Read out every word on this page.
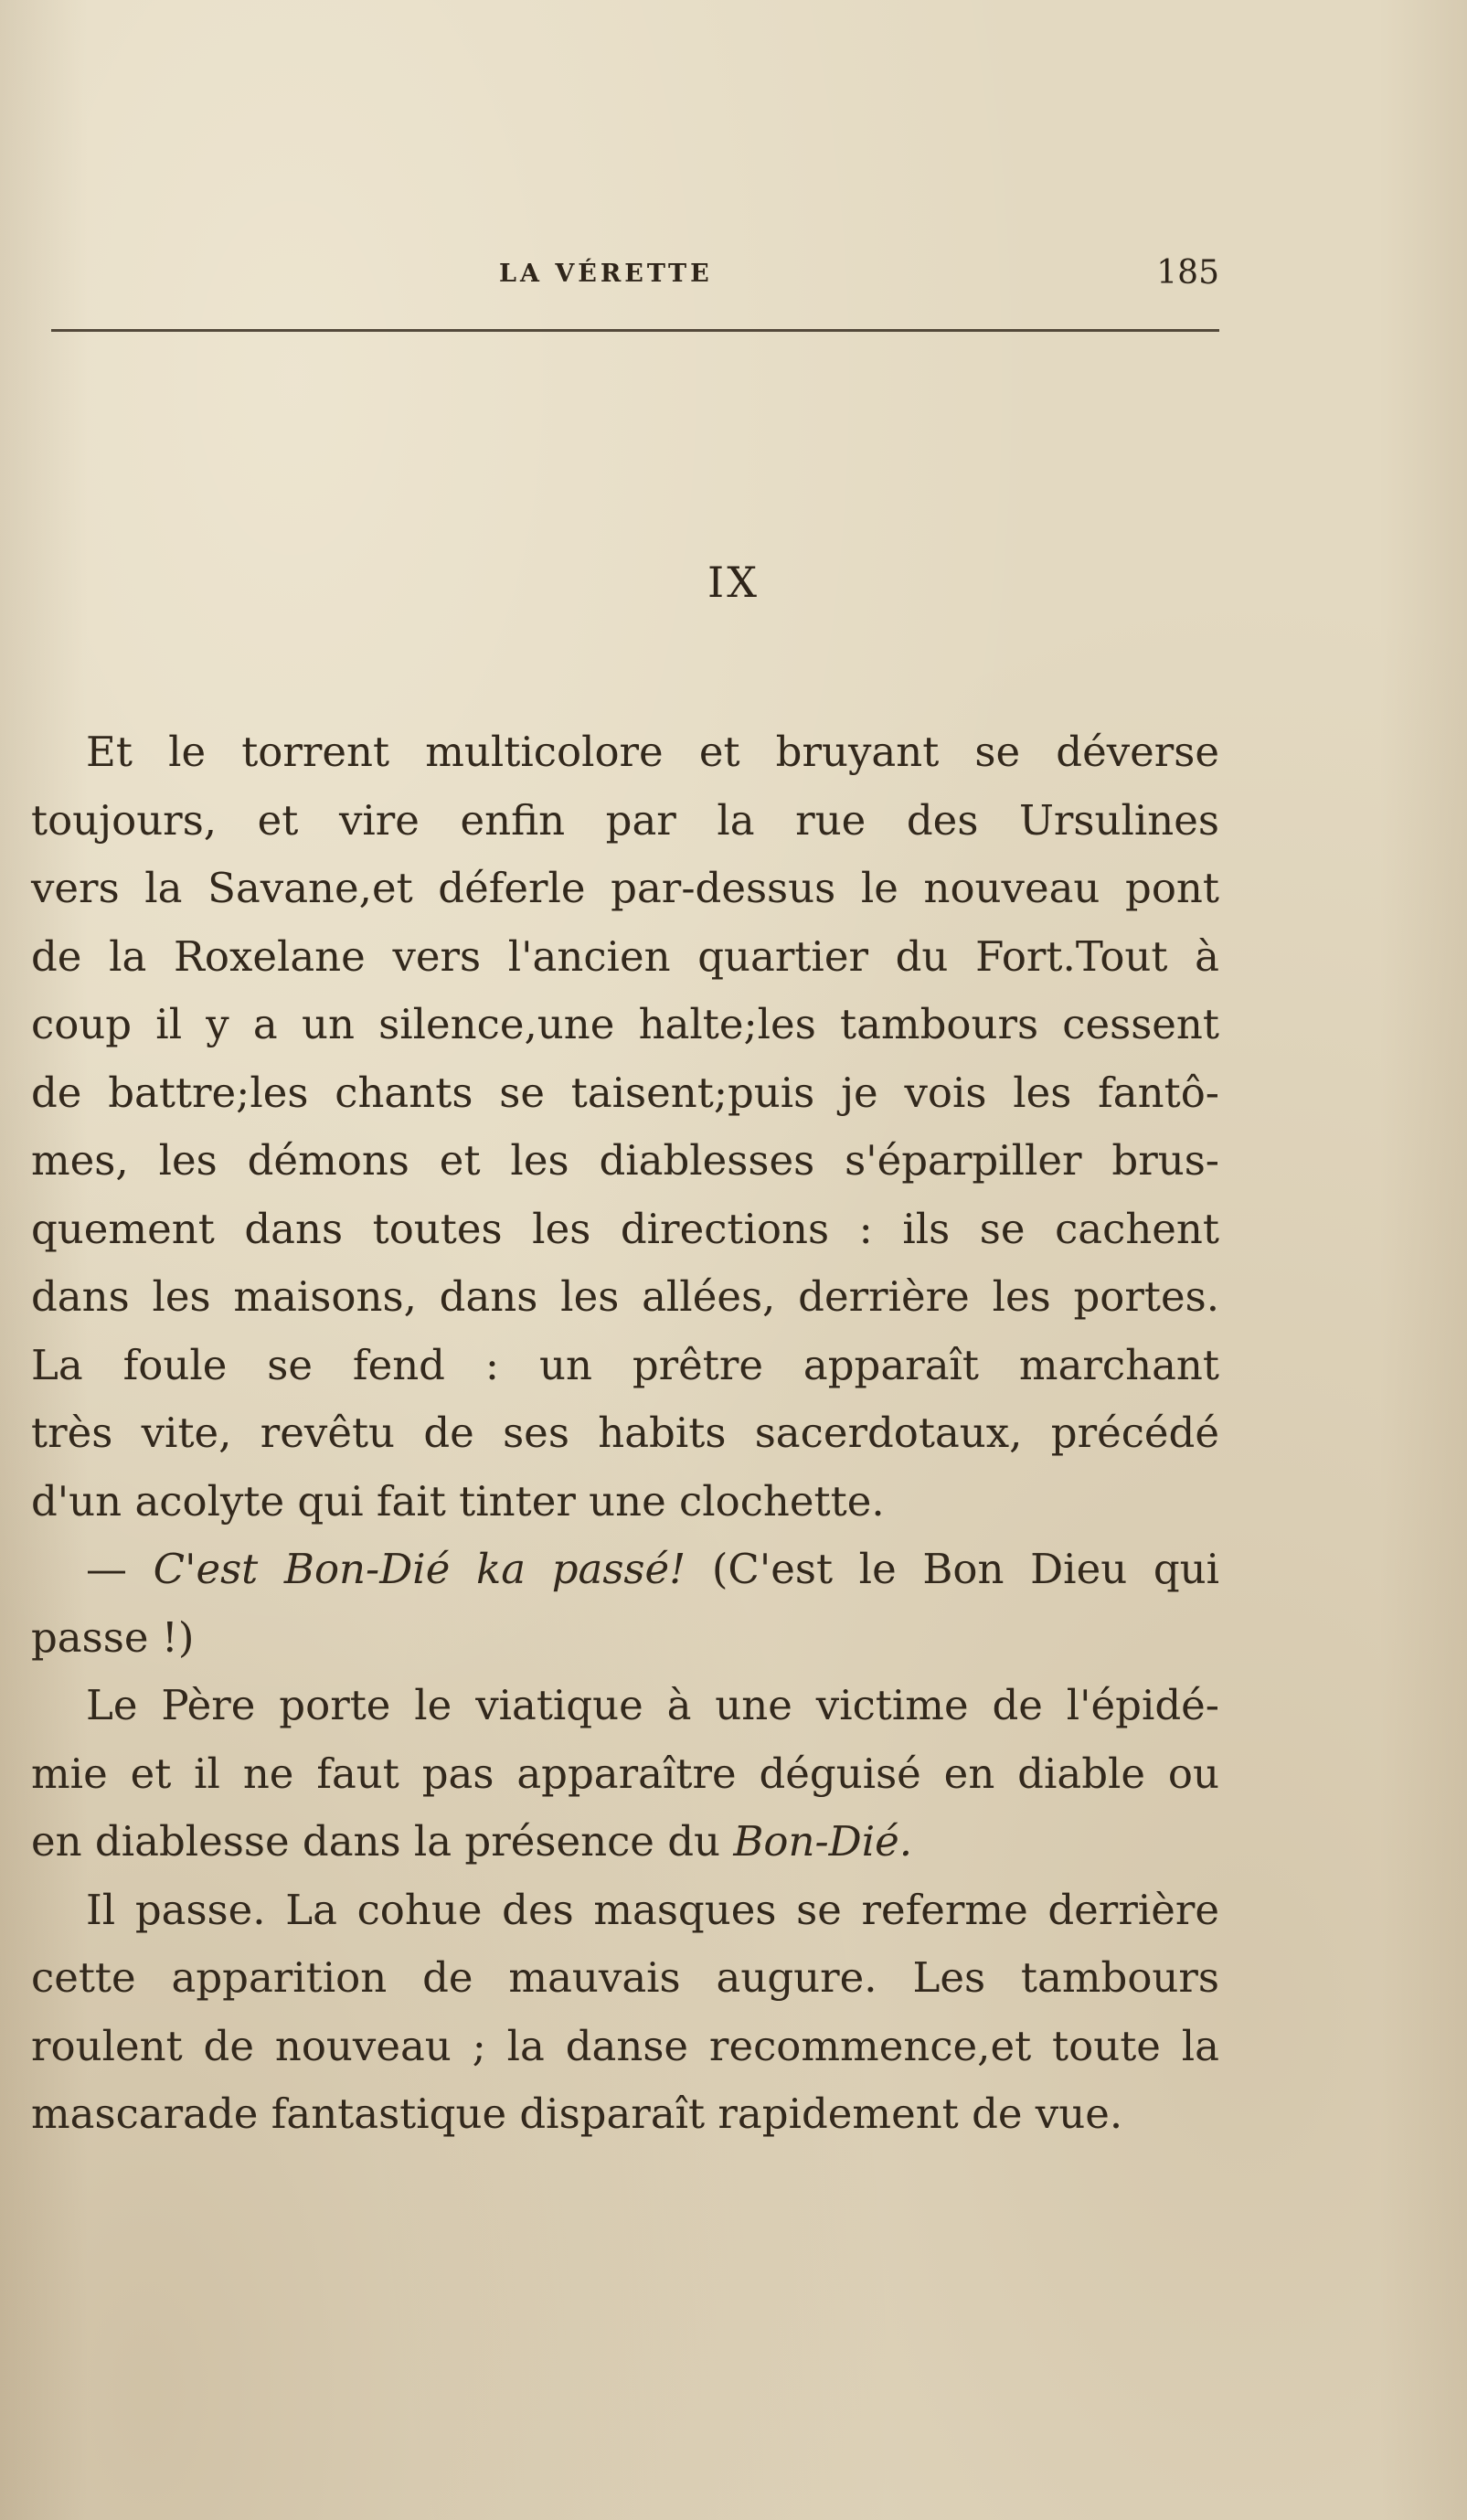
LA VÉRETTE	185
IX
Et le torrent multicolore et bruyant se déverse
toujours, et vire enfin par la rue des Ursulines
vers la Savane,et déferle par-dessus le nouveau pont
de la Roxelane vers l'ancien quartier du Fort.Tout à
coup il y a un silence,une halte;les tambours cessent
de battre;les chants se taisent;puis je vois les fantô-
mes, les démons et les diablesses s'éparpiller brus-
quement dans toutes les directions : ils se cachent
dans les maisons, dans les allées, derrière les portes.
La foule se fend : un prêtre apparaît marchant
très vite, revêtu de ses habits sacerdotaux, précédé
d'un acolyte qui fait tinter une clochette.
— C'est Bon-Dié ka passé! (C'est le Bon Dieu qui
passe !)
Le Père porte le viatique à une victime de l'épidé-
mie et il ne faut pas apparaître déguisé en diable ou
en diablesse dans la présence du Bon-Dié.
Il passe. La cohue des masques se referme derrière
cette apparition de mauvais augure. Les tambours
roulent de nouveau ; la danse recommence,et toute la
mascarade fantastique disparaît rapidement de vue.
